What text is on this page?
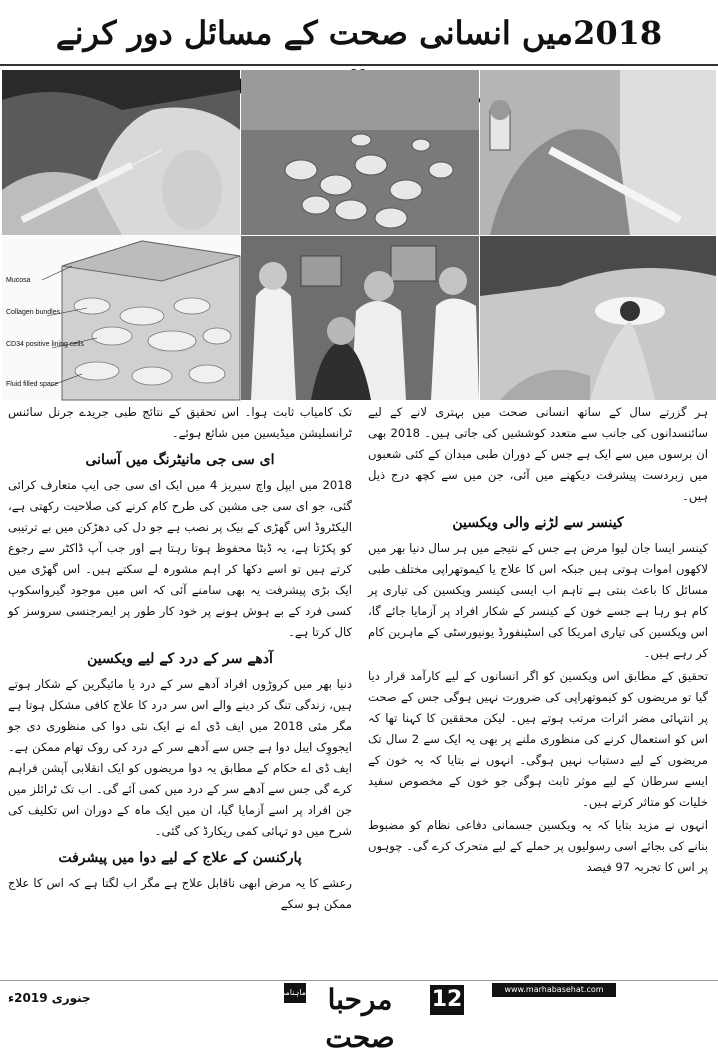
2018میں انسانی صحت کے مسائل دور کرنے
Mucosa
Collagen bundles
CD34 positive lining cells
Fluid filled space

ہر گزرتے سال کے ساتھ انسانی صحت میں بہتری لانے کے لیے سائنسدانوں کی جانب سے متعدد کوششیں کی جاتی ہیں۔ 2018 بھی ان برسوں میں سے ایک ہے جس کے دوران طبی میدان کے کئی شعبوں میں زبردست پیشرفت دیکھنے میں آئی، جن میں سے کچھ درج ذیل ہیں۔

کینسر سے لڑنے والی ویکسین

کینسر ایسا جان لیوا مرض ہے جس کے نتیجے میں ہر سال دنیا بھر میں لاکھوں اموات ہوتی ہیں جبکہ اس کا علاج یا کیموتھراپی مختلف طبی مسائل کا باعث بنتی ہے تاہم اب ایسی کینسر ویکسین کی تیاری پر کام ہو رہا ہے جسے خون کے کینسر کے شکار افراد پر آزمایا جائے گا، اس ویکسین کی تیاری امریکا کی اسٹینفورڈ یونیورسٹی کے ماہرین کام کر رہے ہیں۔

تحقیق کے مطابق اس ویکسین کو اگر انسانوں کے لیے کارآمد قرار دیا گیا تو مریضوں کو کیموتھراپی کی ضرورت نہیں ہوگی جس کے صحت پر انتہائی مضر اثرات مرتب ہوتے ہیں۔ لیکن محققین کا کہنا تھا کہ اس کو استعمال کرنے کی منظوری ملنے پر بھی یہ ایک سے 2 سال تک مریضوں کے لیے دستیاب نہیں ہوگی۔ انہوں نے بتایا کہ یہ خون کے ایسے سرطان کے لیے موثر ثابت ہوگی جو خون کے مخصوص سفید خلیات کو متاثر کرتے ہیں۔

انہوں نے مزید بتایا کہ یہ ویکسین جسمانی دفاعی نظام کو مضبوط بنانے کی بجائے اسی رسولیوں پر حملے کے لیے متحرک کرے گی۔ چوہوں پر اس کا تجربہ 97 فیصد

تک کامیاب ثابت ہوا۔ اس تحقیق کے نتائج طبی جریدے جرنل سائنس ٹرانسلیشن میڈیسین میں شائع ہوئے۔

ای سی جی مانیٹرنگ میں آسانی

2018 میں ایپل واچ سیریز 4 میں ایک ای سی جی ایپ متعارف کرائی گئی، جو ای سی جی مشین کی طرح کام کرنے کی صلاحیت رکھتی ہے، الیکٹروڈ اس گھڑی کے بیک پر نصب ہے جو دل کی دھڑکن میں بے ترتیبی کو پکڑتا ہے، یہ ڈیٹا محفوظ ہوتا رہتا ہے اور جب آپ ڈاکٹر سے رجوع کرتے ہیں تو اسے دکھا کر اہم مشورہ لے سکتے ہیں۔ اس گھڑی میں ایک بڑی پیشرفت یہ بھی سامنے آئی کہ اس میں موجود گیرواسکوپ کسی فرد کے بے ہوش ہونے پر خود کار طور پر ایمرجنسی سروسز کو کال کرتا ہے۔

آدھے سر کے درد کے لیے ویکسین

دنیا بھر میں کروڑوں افراد آدھے سر کے درد یا مائیگرین کے شکار ہوتے ہیں، زندگی تنگ کر دینے والے اس سر درد کا علاج کافی مشکل ہوتا ہے مگر مئی 2018 میں ایف ڈی اے نے ایک نئی دوا کی منظوری دی جو ایجووِک ایبل دوا ہے جس سے آدھے سر کے درد کی روک تھام ممکن ہے۔ ایف ڈی اے حکام کے مطابق یہ دوا مریضوں کو ایک انقلابی آپشن فراہم کرے گی جس سے آدھے سر کے درد میں کمی آئے گی۔ اب تک ٹرائلز میں جن افراد پر اسے آزمایا گیا، ان میں ایک ماہ کے دوران اس تکلیف کی شرح میں دو تہائی کمی ریکارڈ کی گئی۔

پارکنسن کے علاج کے لیے دوا میں پیشرفت

رعشے کا یہ مرض ابھی ناقابل علاج ہے مگر اب لگتا ہے کہ اس کا علاج ممکن ہو سکے

جنوری 2019ء	ماہنامہ مرحبا صحت
12	www.marhabasehat.com
